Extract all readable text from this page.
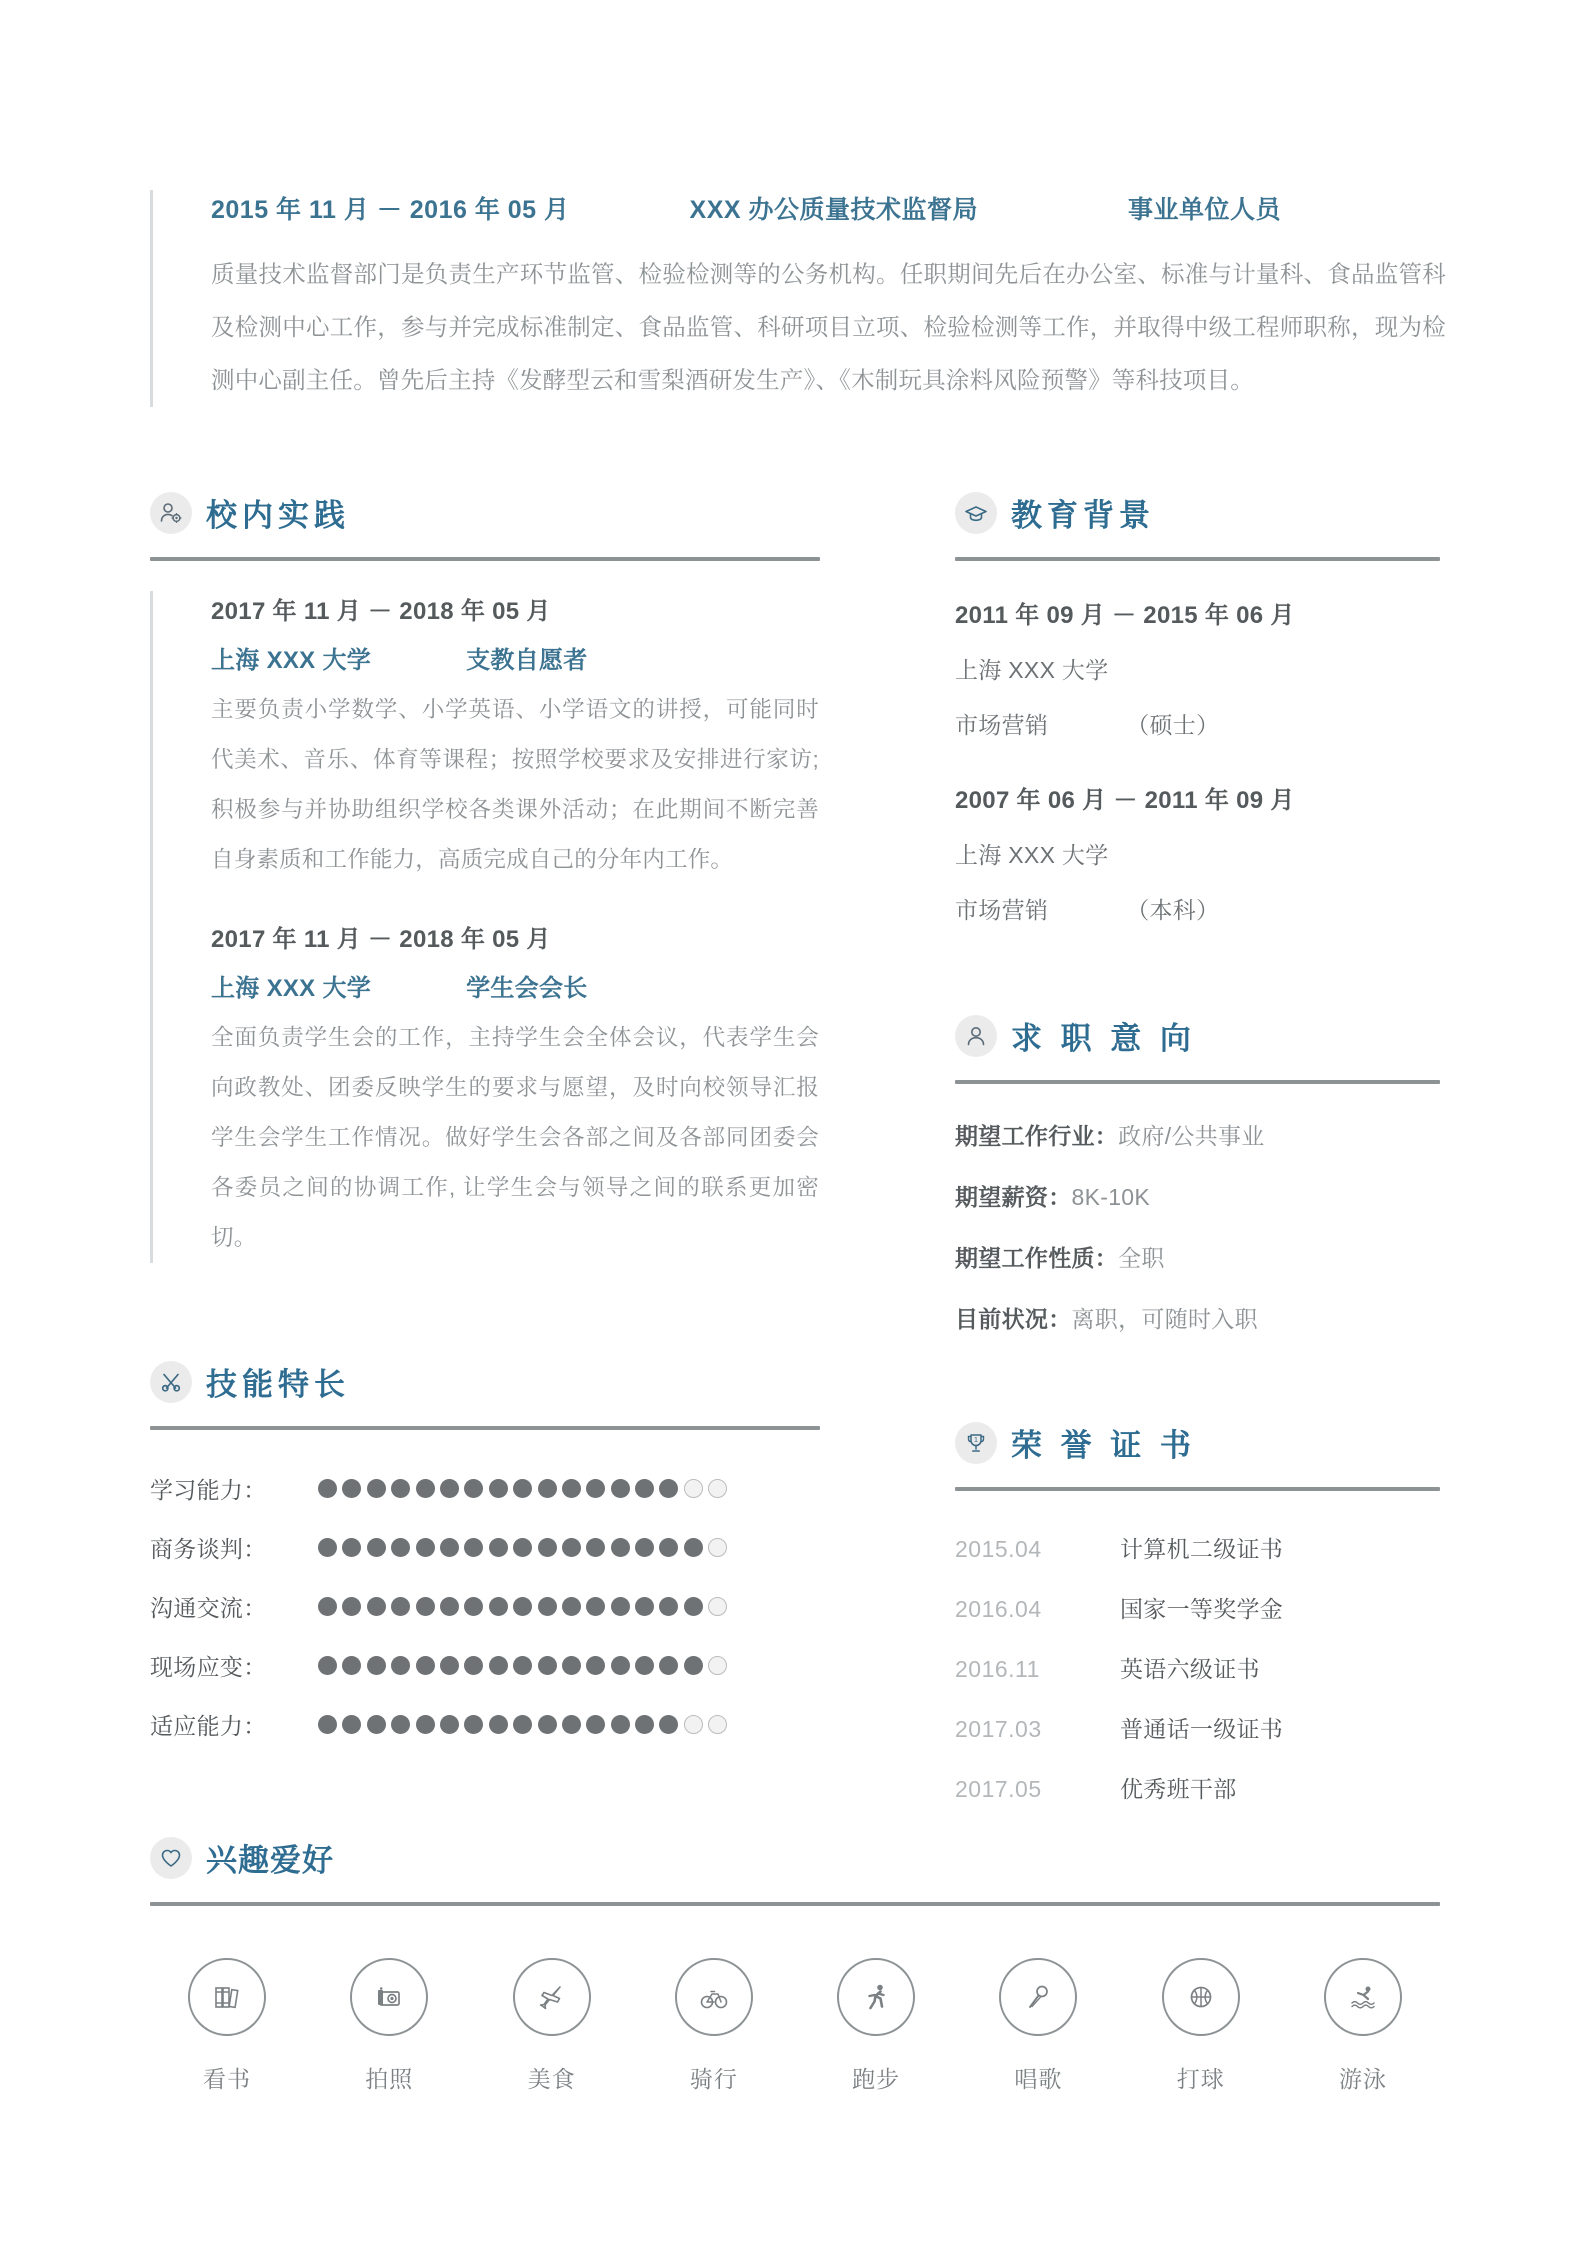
2015 年 11 月 － 2016 年 05 月	XXX 办公质量技术监督局	事业单位人员
质量技术监督部门是负责生产环节监管、检验检测等的公务机构。任职期间先后在办公室、标准与计量科、食品监管科及检测中心工作，参与并完成标准制定、食品监管、科研项目立项、检验检测等工作，并取得中级工程师职称，现为检测中心副主任。曾先后主持《发酵型云和雪梨酒研发生产》、《木制玩具涂料风险预警》等科技项目。
校内实践
2017 年 11 月 － 2018 年 05 月
上海 XXX 大学	支教自愿者
主要负责小学数学、小学英语、小学语文的讲授，可能同时代美术、音乐、体育等课程；按照学校要求及安排进行家访;积极参与并协助组织学校各类课外活动；在此期间不断完善自身素质和工作能力，高质完成自己的分年内工作。
2017 年 11 月 － 2018 年 05 月
上海 XXX 大学	学生会会长
全面负责学生会的工作，主持学生会全体会议，代表学生会向政教处、团委反映学生的要求与愿望，及时向校领导汇报学生会学生工作情况。做好学生会各部之间及各部同团委会各委员之间的协调工作, 让学生会与领导之间的联系更加密切。
技能特长
学习能力：
商务谈判：
沟通交流：
现场应变：
适应能力：
教育背景
2011 年 09 月 － 2015 年 06 月
上海 XXX 大学
市场营销	（硕士）
2007 年 06 月 － 2011 年 09 月
上海 XXX 大学
市场营销	（本科）
求 职 意 向
期望工作行业： 政府/公共事业
期望薪资： 8K-10K
期望工作性质： 全职
目前状况： 离职，可随时入职
1 荣 誉 证 书
2015.04	计算机二级证书
2016.04	国家一等奖学金
2016.11	英语六级证书
2017.03	普通话一级证书
2017.05	优秀班干部
兴趣爱好
看书	拍照	美食	骑行	跑步	唱歌	打球	游泳
